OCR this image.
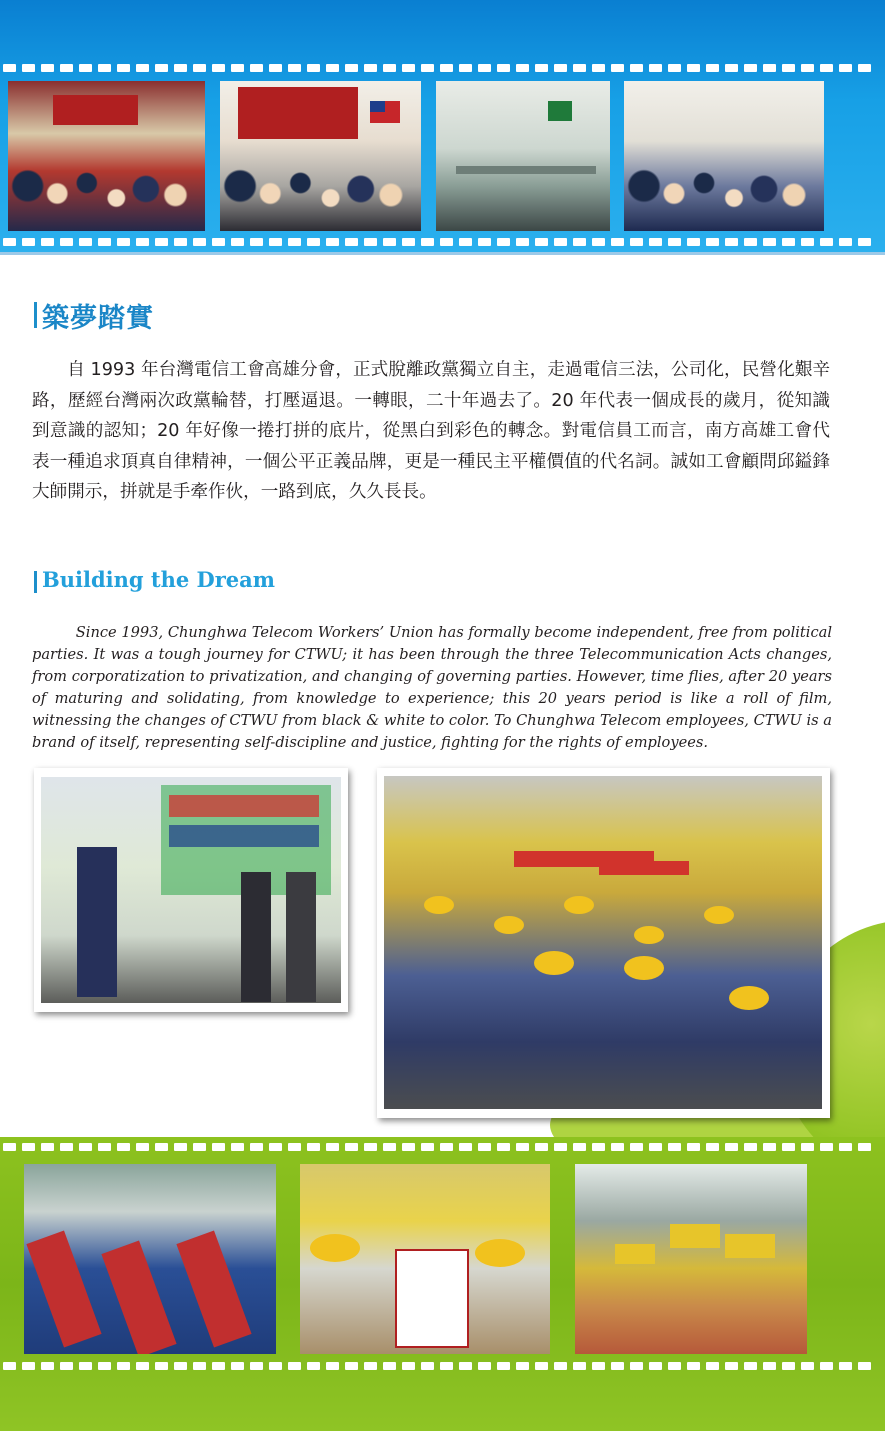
築夢踏實
自 1993 年台灣電信工會高雄分會，正式脫離政黨獨立自主，走過電信三法，公司化，民營化艱辛路，歷經台灣兩次政黨輪替，打壓逼退。一轉眼，二十年過去了。20 年代表一個成長的歲月，從知識到意識的認知；20 年好像一捲打拼的底片，從黑白到彩色的轉念。對電信員工而言，南方高雄工會代表一種追求頂真自律精神，一個公平正義品牌，更是一種民主平權價值的代名詞。誠如工會顧問邱鎰鋒大師開示，拼就是手牽作伙，一路到底，久久長長。
Building the Dream
Since 1993, Chunghwa Telecom Workers’ Union has formally become independent, free from political parties. It was a tough journey for CTWU; it has been through the three Telecommunication Acts changes, from corporatization to privatization, and changing of governing parties. However, time flies, after 20 years of maturing and solidating, from knowledge to experience; this 20 years period is like a roll of film, witnessing the changes of CTWU from black & white to color. To Chunghwa Telecom employees, CTWU is a brand of itself, representing self-discipline and justice, fighting for the rights of employees.
